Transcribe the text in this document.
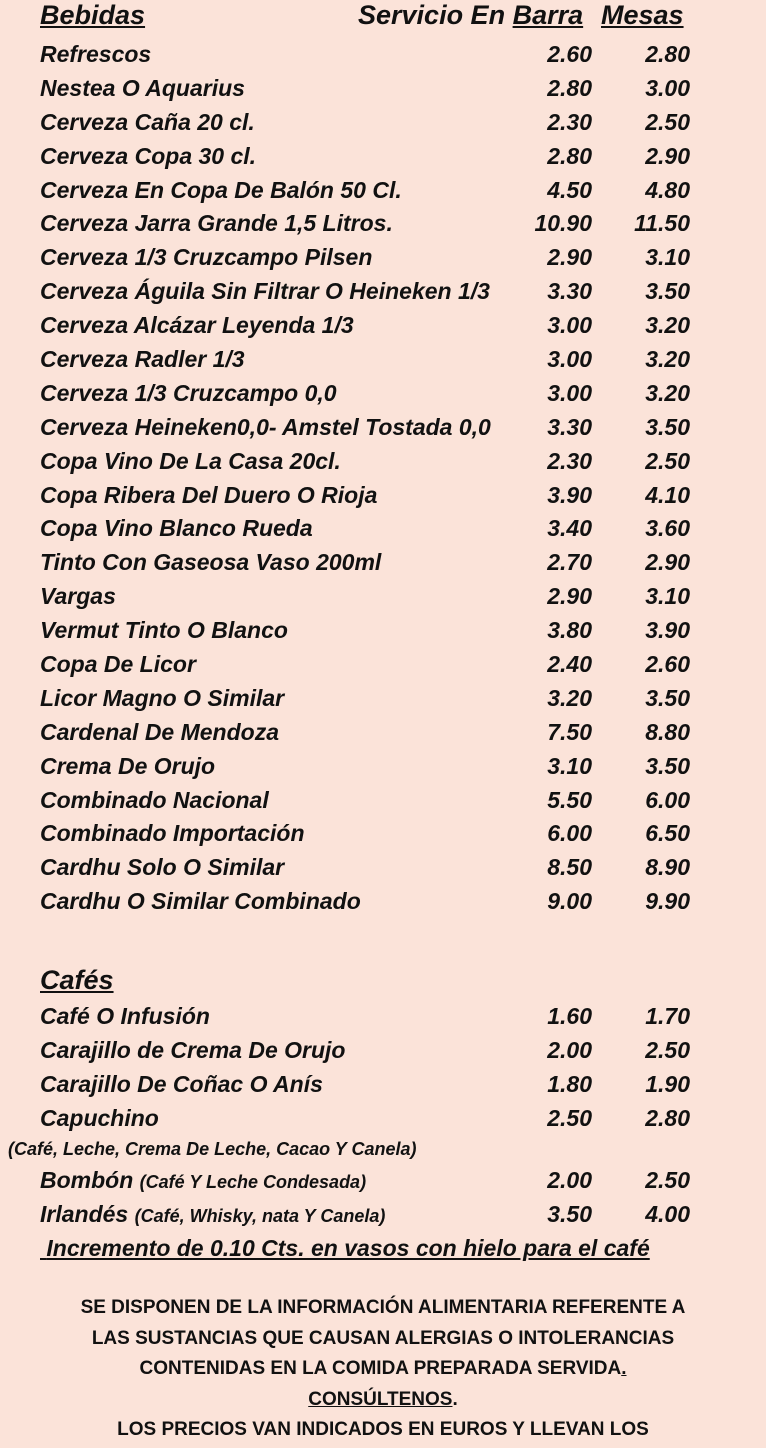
Bebidas	Servicio En Barra Mesas
Refrescos	2.60 2.80
Nestea O Aquarius	2.80 3.00
Cerveza Caña 20 cl.	2.30 2.50
Cerveza Copa 30 cl.	2.80 2.90
Cerveza En Copa De Balón 50 Cl.	4.50 4.80
Cerveza Jarra Grande 1,5 Litros.	10.90 11.50
Cerveza 1/3 Cruzcampo Pilsen	2.90 3.10
Cerveza Águila Sin Filtrar O Heineken 1/3 3.30 3.50
Cerveza Alcázar Leyenda 1/3	3.00 3.20
Cerveza Radler 1/3	3.00 3.20
Cerveza 1/3 Cruzcampo 0,0	3.00 3.20
Cerveza Heineken0,0- Amstel Tostada 0,0 3.30 3.50
Copa Vino De La Casa 20cl.	2.30 2.50
Copa Ribera Del Duero O Rioja	3.90 4.10
Copa Vino Blanco Rueda	3.40 3.60
Tinto Con Gaseosa Vaso 200ml	2.70 2.90
Vargas	2.90 3.10
Vermut Tinto O Blanco	3.80 3.90
Copa De Licor	2.40 2.60
Licor Magno O Similar	3.20 3.50
Cardenal De Mendoza	7.50 8.80
Crema De Orujo	3.10 3.50
Combinado Nacional	5.50 6.00
Combinado Importación	6.00 6.50
Cardhu Solo O Similar	8.50 8.90
Cardhu O Similar Combinado	9.00 9.90
Cafés
Café O Infusión	1.60 1.70
Carajillo de Crema De Orujo	2.00 2.50
Carajillo De Coñac O Anís	1.80 1.90
Capuchino	2.50 2.80
(Café, Leche, Crema De Leche, Cacao Y Canela)
Bombón (Café Y Leche Condesada)	2.00 2.50
Irlandés (Café, Whisky, nata Y Canela)	3.50 4.00
Incremento de 0.10 Cts. en vasos con hielo para el café
SE DISPONEN DE LA INFORMACIÓN ALIMENTARIA REFERENTE A
LAS SUSTANCIAS QUE CAUSAN ALERGIAS O INTOLERANCIAS
CONTENIDAS EN LA COMIDA PREPARADA SERVIDA.
CONSÚLTENOS.
LOS PRECIOS VAN INDICADOS EN EUROS Y LLEVAN LOS
